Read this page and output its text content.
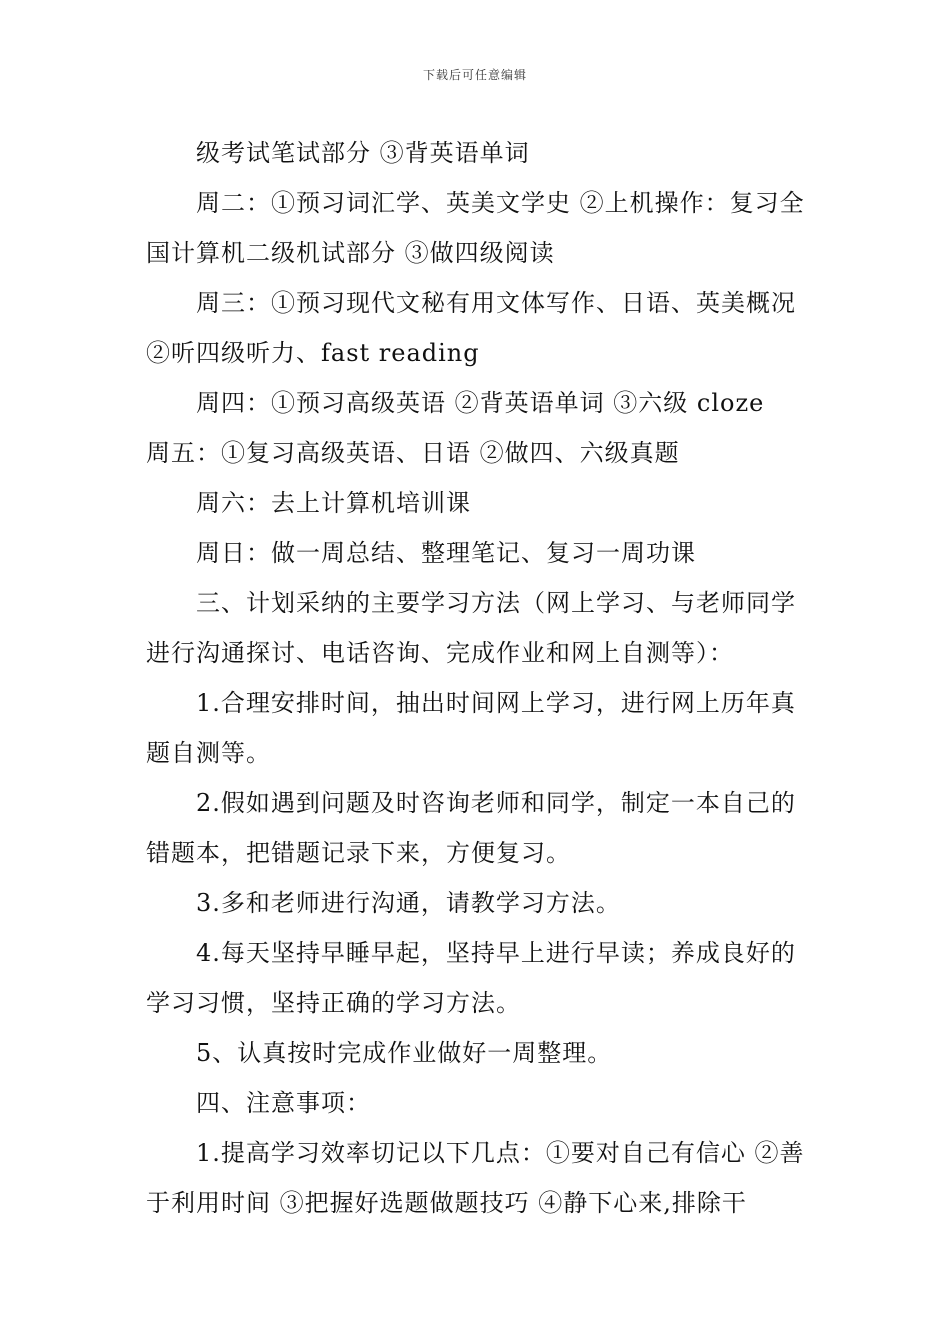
下载后可任意编辑

级考试笔试部分 ③背英语单词

周二：①预习词汇学、英美文学史 ②上机操作：复习全国计算机二级机试部分 ③做四级阅读

周三：①预习现代文秘有用文体写作、日语、英美概况 ②听四级听力、fast reading

周四：①预习高级英语 ②背英语单词 ③六级 cloze

周五：①复习高级英语、日语 ②做四、六级真题

周六：去上计算机培训课

周日：做一周总结、整理笔记、复习一周功课

三、计划采纳的主要学习方法（网上学习、与老师同学进行沟通探讨、电话咨询、完成作业和网上自测等）：

1.合理安排时间，抽出时间网上学习，进行网上历年真题自测等。

2.假如遇到问题及时咨询老师和同学，制定一本自己的错题本，把错题记录下来，方便复习。

3.多和老师进行沟通，请教学习方法。

4.每天坚持早睡早起，坚持早上进行早读；养成良好的学习习惯，坚持正确的学习方法。

5、认真按时完成作业做好一周整理。

四、注意事项：

1.提高学习效率切记以下几点：①要对自己有信心 ②善于利用时间 ③把握好选题做题技巧 ④静下心来,排除干
